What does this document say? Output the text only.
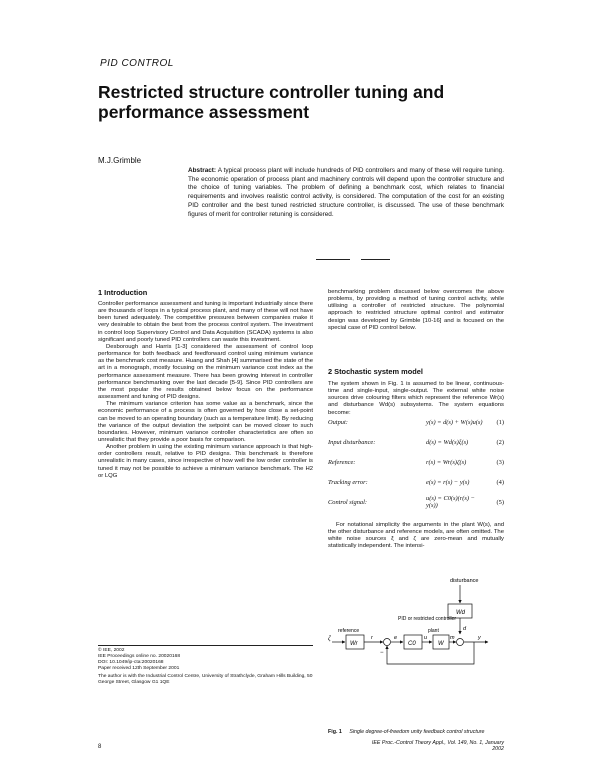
PID CONTROL
Restricted structure controller tuning and performance assessment
M.J.Grimble
Abstract: A typical process plant will include hundreds of PID controllers and many of these will require tuning. The economic operation of process plant and machinery controls will depend upon the controller structure and the choice of tuning variables. The problem of defining a benchmark cost, which relates to financial requirements and involves realistic control activity, is considered. The computation of the cost for an existing PID controller and the best tuned restricted structure controller, is discussed. The use of these benchmark figures of merit for controller retuning is considered.
1 Introduction

Controller performance assessment and tuning is important industrially since there are thousands of loops in a typical process plant, and many of these will not have been tuned adequately. The competitive pressures between companies make it very desirable to obtain the best from the process control system. The investment in control loop Supervisory Control and Data Acquisition (SCADA) systems is also significant and poorly tuned PID controllers can waste this investment.

Desborough and Harris [1-3] considered the assessment of control loop performance for both feedback and feedforward control using minimum variance as the benchmark cost measure. Huang and Shah [4] summarised the state of the art in a monograph, mostly focusing on the minimum variance cost index as the performance assessment measure. There has been growing interest in controller performance benchmarking over the last decade [5-9]. Since PID controllers are the most popular the results obtained below focus on the performance assessment and tuning of PID designs.

The minimum variance criterion has some value as a benchmark, since the economic performance of a process is often governed by how close a set-point can be moved to an operating boundary (such as a temperature limit). By reducing the variance of the output deviation the setpoint can be moved closer to such boundaries. However, minimum variance controller characteristics are often so unrealistic that they provide a poor basis for comparison.

Another problem in using the existing minimum variance approach is that high-order controllers result, relative to PID designs. This benchmark is therefore unrealistic in many cases, since irrespective of how well the low order controller is tuned it may not be possible to achieve a minimum variance benchmark. The H2 or LQG

© IEE, 2002
IEE Proceedings online no. 20020168
DOI: 10.1049/ip-cta:20020168
Paper received 12th September 2001
The author is with the Industrial Control Centre, University of Strathclyde, Graham Hills Building, 50 George Street, Glasgow G1 1QE
8

benchmarking problem discussed below overcomes the above problems, by providing a method of tuning control activity, while utilising a controller of restricted structure. The polynomial approach to restricted structure optimal control and estimator design was developed by Grimble [10-16] and is focused on the special case of PID control below.

2 Stochastic system model

The system shown in Fig. 1 is assumed to be linear, continuous-time and single-input, single-output. The external white noise sources drive colouring filters which represent the reference Wr(s) and disturbance Wd(s) subsystems. The system equations become:

Output:	y(s) = d(s) + W(s)u(s)	(1)
Input disturbance:	d(s) = Wd(s)ξ(s)	(2)
Reference:	r(s) = Wr(s)ζ(s)	(3)
Tracking error:	e(s) = r(s) − y(s)	(4)
Control signal:	u(s) = C0(s)(r(s) − y(s))	(5)

For notational simplicity the arguments in the plant W(s), and the other disturbance and reference models, are often omitted. The white noise sources ξ and ζ are zero-mean and mutually statistically independent. The intensi-

disturbance
Wd
d
reference
PID or restricted controller
plant
ζ
Wr
r	e
C0
u
W
m	y
−
Fig. 1 Single degree-of-freedom unity feedback control structure
IEE Proc.-Control Theory Appl., Vol. 149, No. 1, January 2002
